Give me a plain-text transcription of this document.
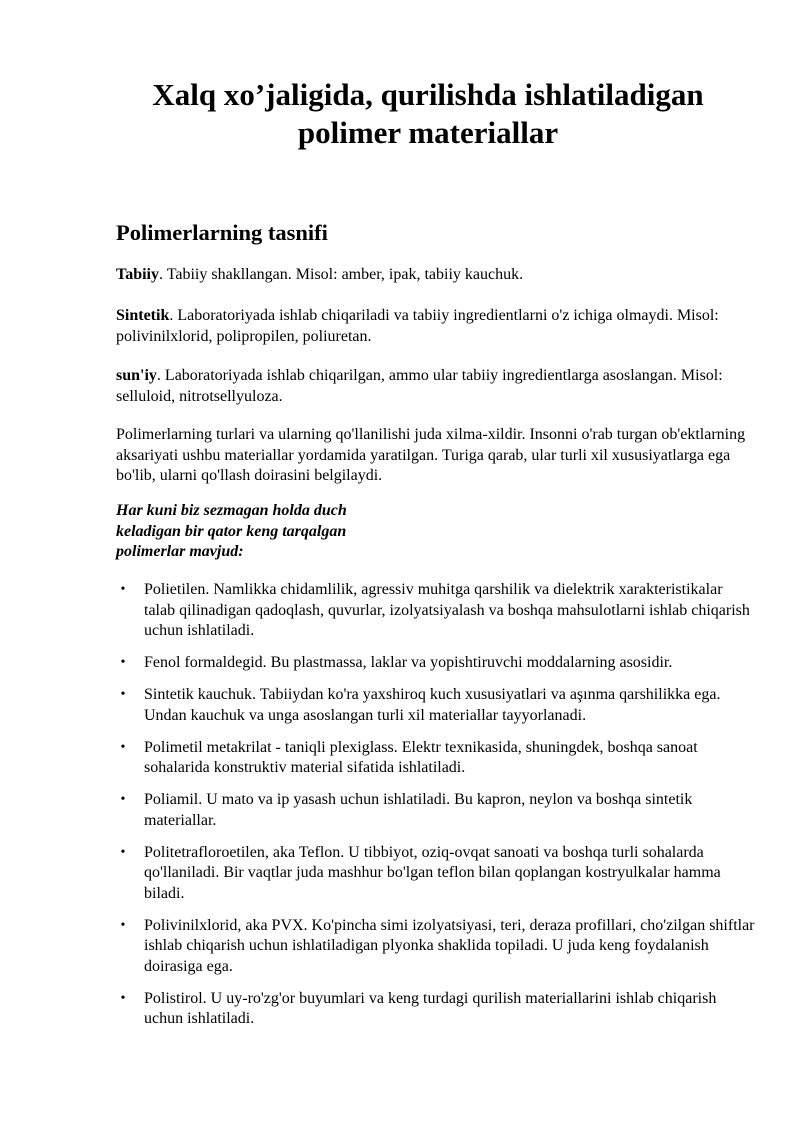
Xalq xo’jaligida, qurilishda ishlatiladigan polimer materiallar
Polimerlarning tasnifi

Tabiiy. Tabiiy shakllangan. Misol: amber, ipak, tabiiy kauchuk.

Sintetik. Laboratoriyada ishlab chiqariladi va tabiiy ingredientlarni o'z ichiga olmaydi. Misol: polivinilxlorid, polipropilen, poliuretan.

sun'iy. Laboratoriyada ishlab chiqarilgan, ammo ular tabiiy ingredientlarga asoslangan. Misol: selluloid, nitrotsellyuloza.

Polimerlarning turlari va ularning qo'llanilishi juda xilma-xildir. Insonni o'rab turgan ob'ektlarning aksariyati ushbu materiallar yordamida yaratilgan. Turiga qarab, ular turli xil xususiyatlarga ega bo'lib, ularni qo'llash doirasini belgilaydi.

Har kuni biz sezmagan holda duch keladigan bir qator keng tarqalgan polimerlar mavjud:

• Polietilen. Namlikka chidamlilik, agressiv muhitga qarshilik va dielektrik xarakteristikalar talab qilinadigan qadoqlash, quvurlar, izolyatsiyalash va boshqa mahsulotlarni ishlab chiqarish uchun ishlatiladi.
• Fenol formaldegid. Bu plastmassa, laklar va yopishtiruvchi moddalarning asosidir.
• Sintetik kauchuk. Tabiiydan ko'ra yaxshiroq kuch xususiyatlari va aşınma qarshilikka ega. Undan kauchuk va unga asoslangan turli xil materiallar tayyorlanadi.
• Polimetil metakrilat - taniqli plexiglass. Elektr texnikasida, shuningdek, boshqa sanoat sohalarida konstruktiv material sifatida ishlatiladi.
• Poliamil. U mato va ip yasash uchun ishlatiladi. Bu kapron, neylon va boshqa sintetik materiallar.
• Politetrafloroetilen, aka Teflon. U tibbiyot, oziq-ovqat sanoati va boshqa turli sohalarda qo'llaniladi. Bir vaqtlar juda mashhur bo'lgan teflon bilan qoplangan kostryulkalar hamma biladi.
• Polivinilxlorid, aka PVX. Ko'pincha simi izolyatsiyasi, teri, deraza profillari, cho'zilgan shiftlar ishlab chiqarish uchun ishlatiladigan plyonka shaklida topiladi. U juda keng foydalanish doirasiga ega.
• Polistirol. U uy-ro'zg'or buyumlari va keng turdagi qurilish materiallarini ishlab chiqarish uchun ishlatiladi.
